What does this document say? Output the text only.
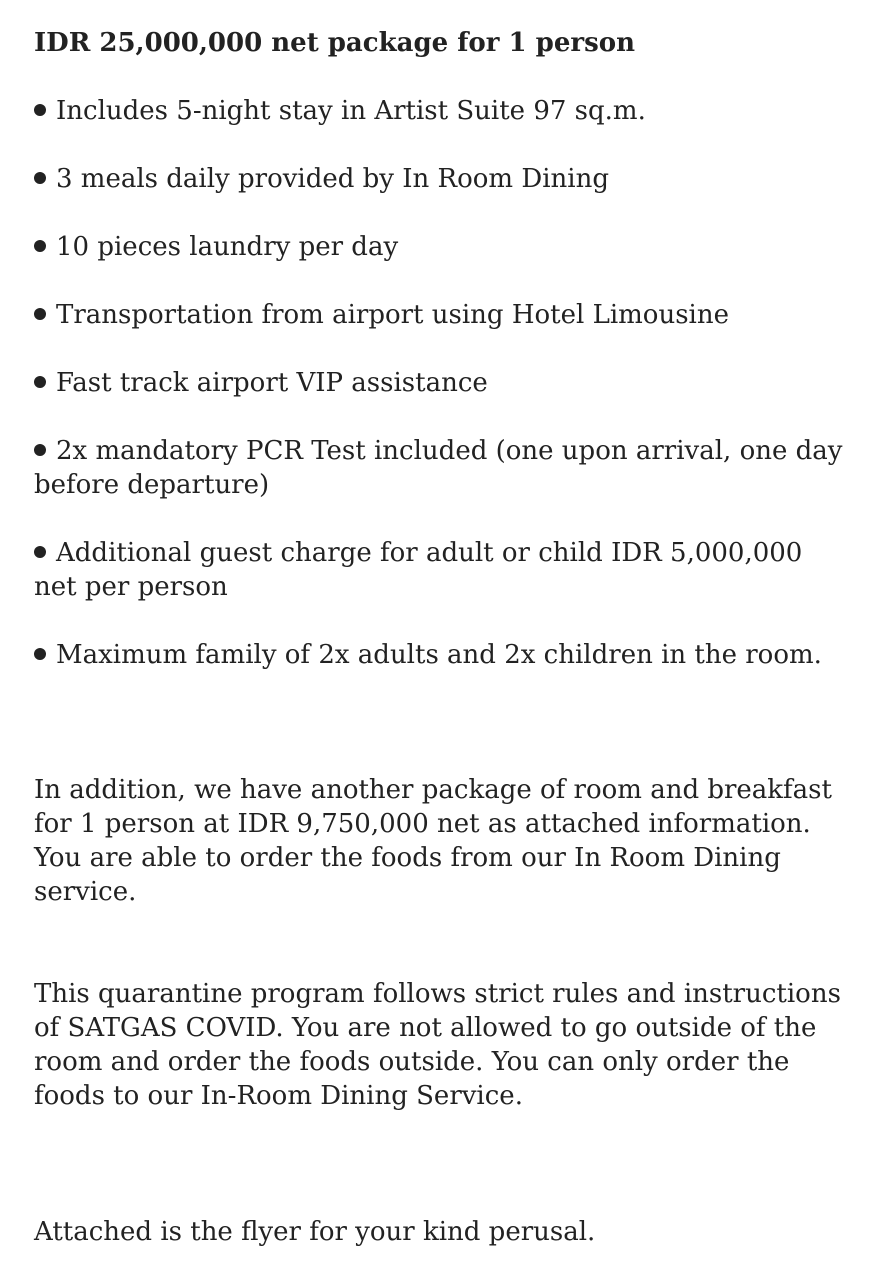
IDR 25,000,000 net package for 1 person

Includes 5-night stay in Artist Suite 97 sq.m.
3 meals daily provided by In Room Dining
10 pieces laundry per day
Transportation from airport using Hotel Limousine
Fast track airport VIP assistance
2x mandatory PCR Test included (one upon arrival, one day before departure)
Additional guest charge for adult or child IDR 5,000,000 net per person
Maximum family of 2x adults and 2x children in the room.

In addition, we have another package of room and breakfast for 1 person at IDR 9,750,000 net as attached information. You are able to order the foods from our In Room Dining service.

This quarantine program follows strict rules and instructions of SATGAS COVID. You are not allowed to go outside of the room and order the foods outside. You can only order the foods to our In-Room Dining Service.

Attached is the flyer for your kind perusal.
